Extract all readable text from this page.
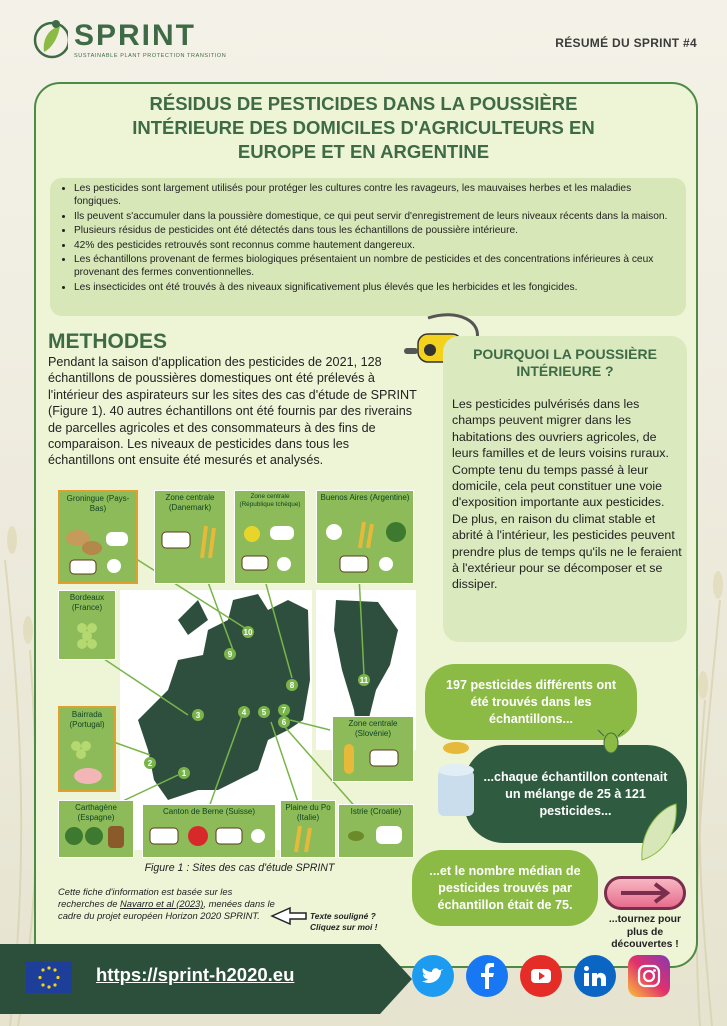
SPRINT
SUSTAINABLE PLANT PROTECTION TRANSITION
RÉSUMÉ DU SPRINT #4
RÉSIDUS DE PESTICIDES DANS LA POUSSIÈRE INTÉRIEURE DES DOMICILES D'AGRICULTEURS EN EUROPE ET EN ARGENTINE
• Les pesticides sont largement utilisés pour protéger les cultures contre les ravageurs, les mauvaises herbes et les maladies fongiques.
• Ils peuvent s'accumuler dans la poussière domestique, ce qui peut servir d'enregistrement de leurs niveaux récents dans la maison.
• Plusieurs résidus de pesticides ont été détectés dans tous les échantillons de poussière intérieure.
• 42% des pesticides retrouvés sont reconnus comme hautement dangereux.
• Les échantillons provenant de fermes biologiques présentaient un nombre de pesticides et des concentrations inférieures à ceux provenant des fermes conventionnelles.
• Les insecticides ont été trouvés à des niveaux significativement plus élevés que les herbicides et les fongicides.
METHODES
Pendant la saison d'application des pesticides de 2021, 128 échantillons de poussières domestiques ont été prélevés à l'intérieur des aspirateurs sur les sites des cas d'étude de SPRINT (Figure 1). 40 autres échantillons ont été fournis par des riverains de parcelles agricoles et des consommateurs à des fins de comparaison. Les niveaux de pesticides dans tous les échantillons ont ensuite été mesurés et analysés.
POURQUOI LA POUSSIÈRE INTÉRIEURE ?
Les pesticides pulvérisés dans les champs peuvent migrer dans les habitations des ouvriers agricoles, de leurs familles et de leurs voisins ruraux. Compte tenu du temps passé à leur domicile, cela peut constituer une voie d'exposition importante aux pesticides. De plus, en raison du climat stable et abrité à l'intérieur, les pesticides peuvent prendre plus de temps qu'ils ne le feraient à l'extérieur pour se décomposer et se dissiper.
10
9
8
11
3
2
1
4 5
6
7
Groningue (Pays-Bas)
Zone centrale (Danemark)
Zone centrale (République tchèque)
Buenos Aires (Argentine)
Bordeaux (France)
Bairrada (Portugal)
Carthagène (Espagne)
Canton de Berne (Suisse)	Plaine du Po (Italie)
Istrie (Croatie)
Zone centrale (Slovénie)
Figure 1 : Sites des cas d'étude SPRINT
197 pesticides différents ont été trouvés dans les échantillons...
...chaque échantillon contenait un mélange de 25 à 121 pesticides...
...et le nombre médian de pesticides trouvés par échantillon était de 75.
...tournez pour
plus de
découvertes !
Cette fiche d'information est basée sur les recherches de Navarro et al (2023), menées dans le cadre du projet européen Horizon 2020 SPRINT.	Texte souligné ?
Cliquez sur moi !
https://sprint-h2020.eu
